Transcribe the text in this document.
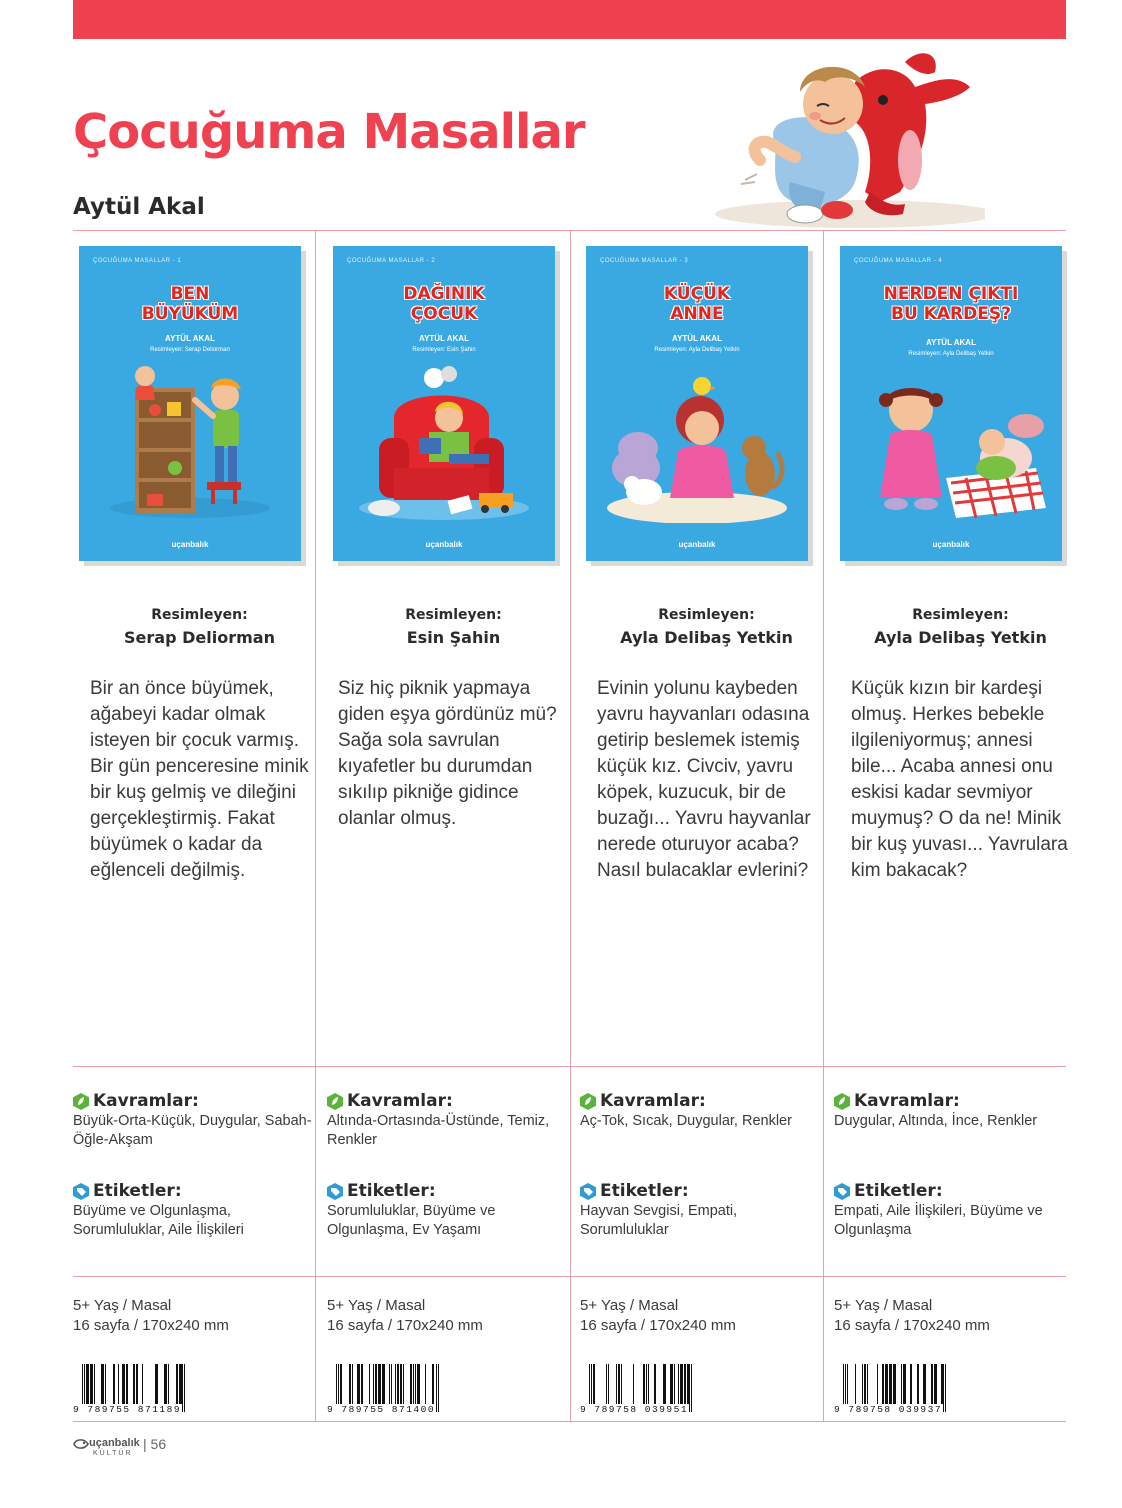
Çocuğuma Masallar
Aytül Akal
ÇOCUĞUMA MASALLAR - 1
BEN
BÜYÜKÜM
AYTÜL AKAL
Resimleyen: Serap Deliorman
uçanbalık
Resimleyen:
Serap Deliorman

Bir an önce büyümek, ağabeyi kadar olmak isteyen bir çocuk varmış. Bir gün penceresine minik bir kuş gelmiş ve dileğini gerçekleştirmiş. Fakat büyümek o kadar da eğlenceli değilmiş.

Kavramlar:
Büyük-Orta-Küçük, Duygular, Sabah-Öğle-Akşam
Etiketler:
Büyüme ve Olgunlaşma, Sorumluluklar, Aile İlişkileri
5+ Yaş / Masal
16 sayfa / 170x240 mm
9 789755 871189
ÇOCUĞUMA MASALLAR - 2
DAĞINIK
ÇOCUK
AYTÜL AKAL
Resimleyen: Esin Şahin
uçanbalık
Resimleyen:
Esin Şahin

Siz hiç piknik yapmaya giden eşya gördünüz mü? Sağa sola savrulan kıyafetler bu durumdan sıkılıp pikniğe gidince olanlar olmuş.

Kavramlar:
Altında-Ortasında-Üstünde, Temiz, Renkler
Etiketler:
Sorumluluklar, Büyüme ve Olgunlaşma, Ev Yaşamı
5+ Yaş / Masal
16 sayfa / 170x240 mm
9 789755 871400
ÇOCUĞUMA MASALLAR - 3
KÜÇÜK
ANNE
AYTÜL AKAL
Resimleyen: Ayla Delibaş Yetkin
uçanbalık
Resimleyen:
Ayla Delibaş Yetkin

Evinin yolunu kaybeden yavru hayvanları odasına getirip beslemek istemiş küçük kız. Civciv, yavru köpek, kuzucuk, bir de buzağı... Yavru hayvanlar nerede oturuyor acaba? Nasıl bulacaklar evlerini?

Kavramlar:
Aç-Tok, Sıcak, Duygular, Renkler
Etiketler:
Hayvan Sevgisi, Empati, Sorumluluklar
5+ Yaş / Masal
16 sayfa / 170x240 mm
9 789758 039951
ÇOCUĞUMA MASALLAR - 4
NERDEN ÇIKTI
BU KARDEŞ?
AYTÜL AKAL
Resimleyen: Ayla Delibaş Yetkin
uçanbalık
Resimleyen:
Ayla Delibaş Yetkin

Küçük kızın bir kardeşi olmuş. Herkes bebekle ilgileniyormuş; annesi bile... Acaba annesi onu eskisi kadar sevmiyor muymuş? O da ne! Minik bir kuş yuvası... Yavrulara kim bakacak?

Kavramlar:
Duygular, Altında, İnce, Renkler
Etiketler:
Empati, Aile İlişkileri, Büyüme ve Olgunlaşma
5+ Yaş / Masal
16 sayfa / 170x240 mm
9 789758 039937
uçanbalık
KÜLTÜR
| 56
